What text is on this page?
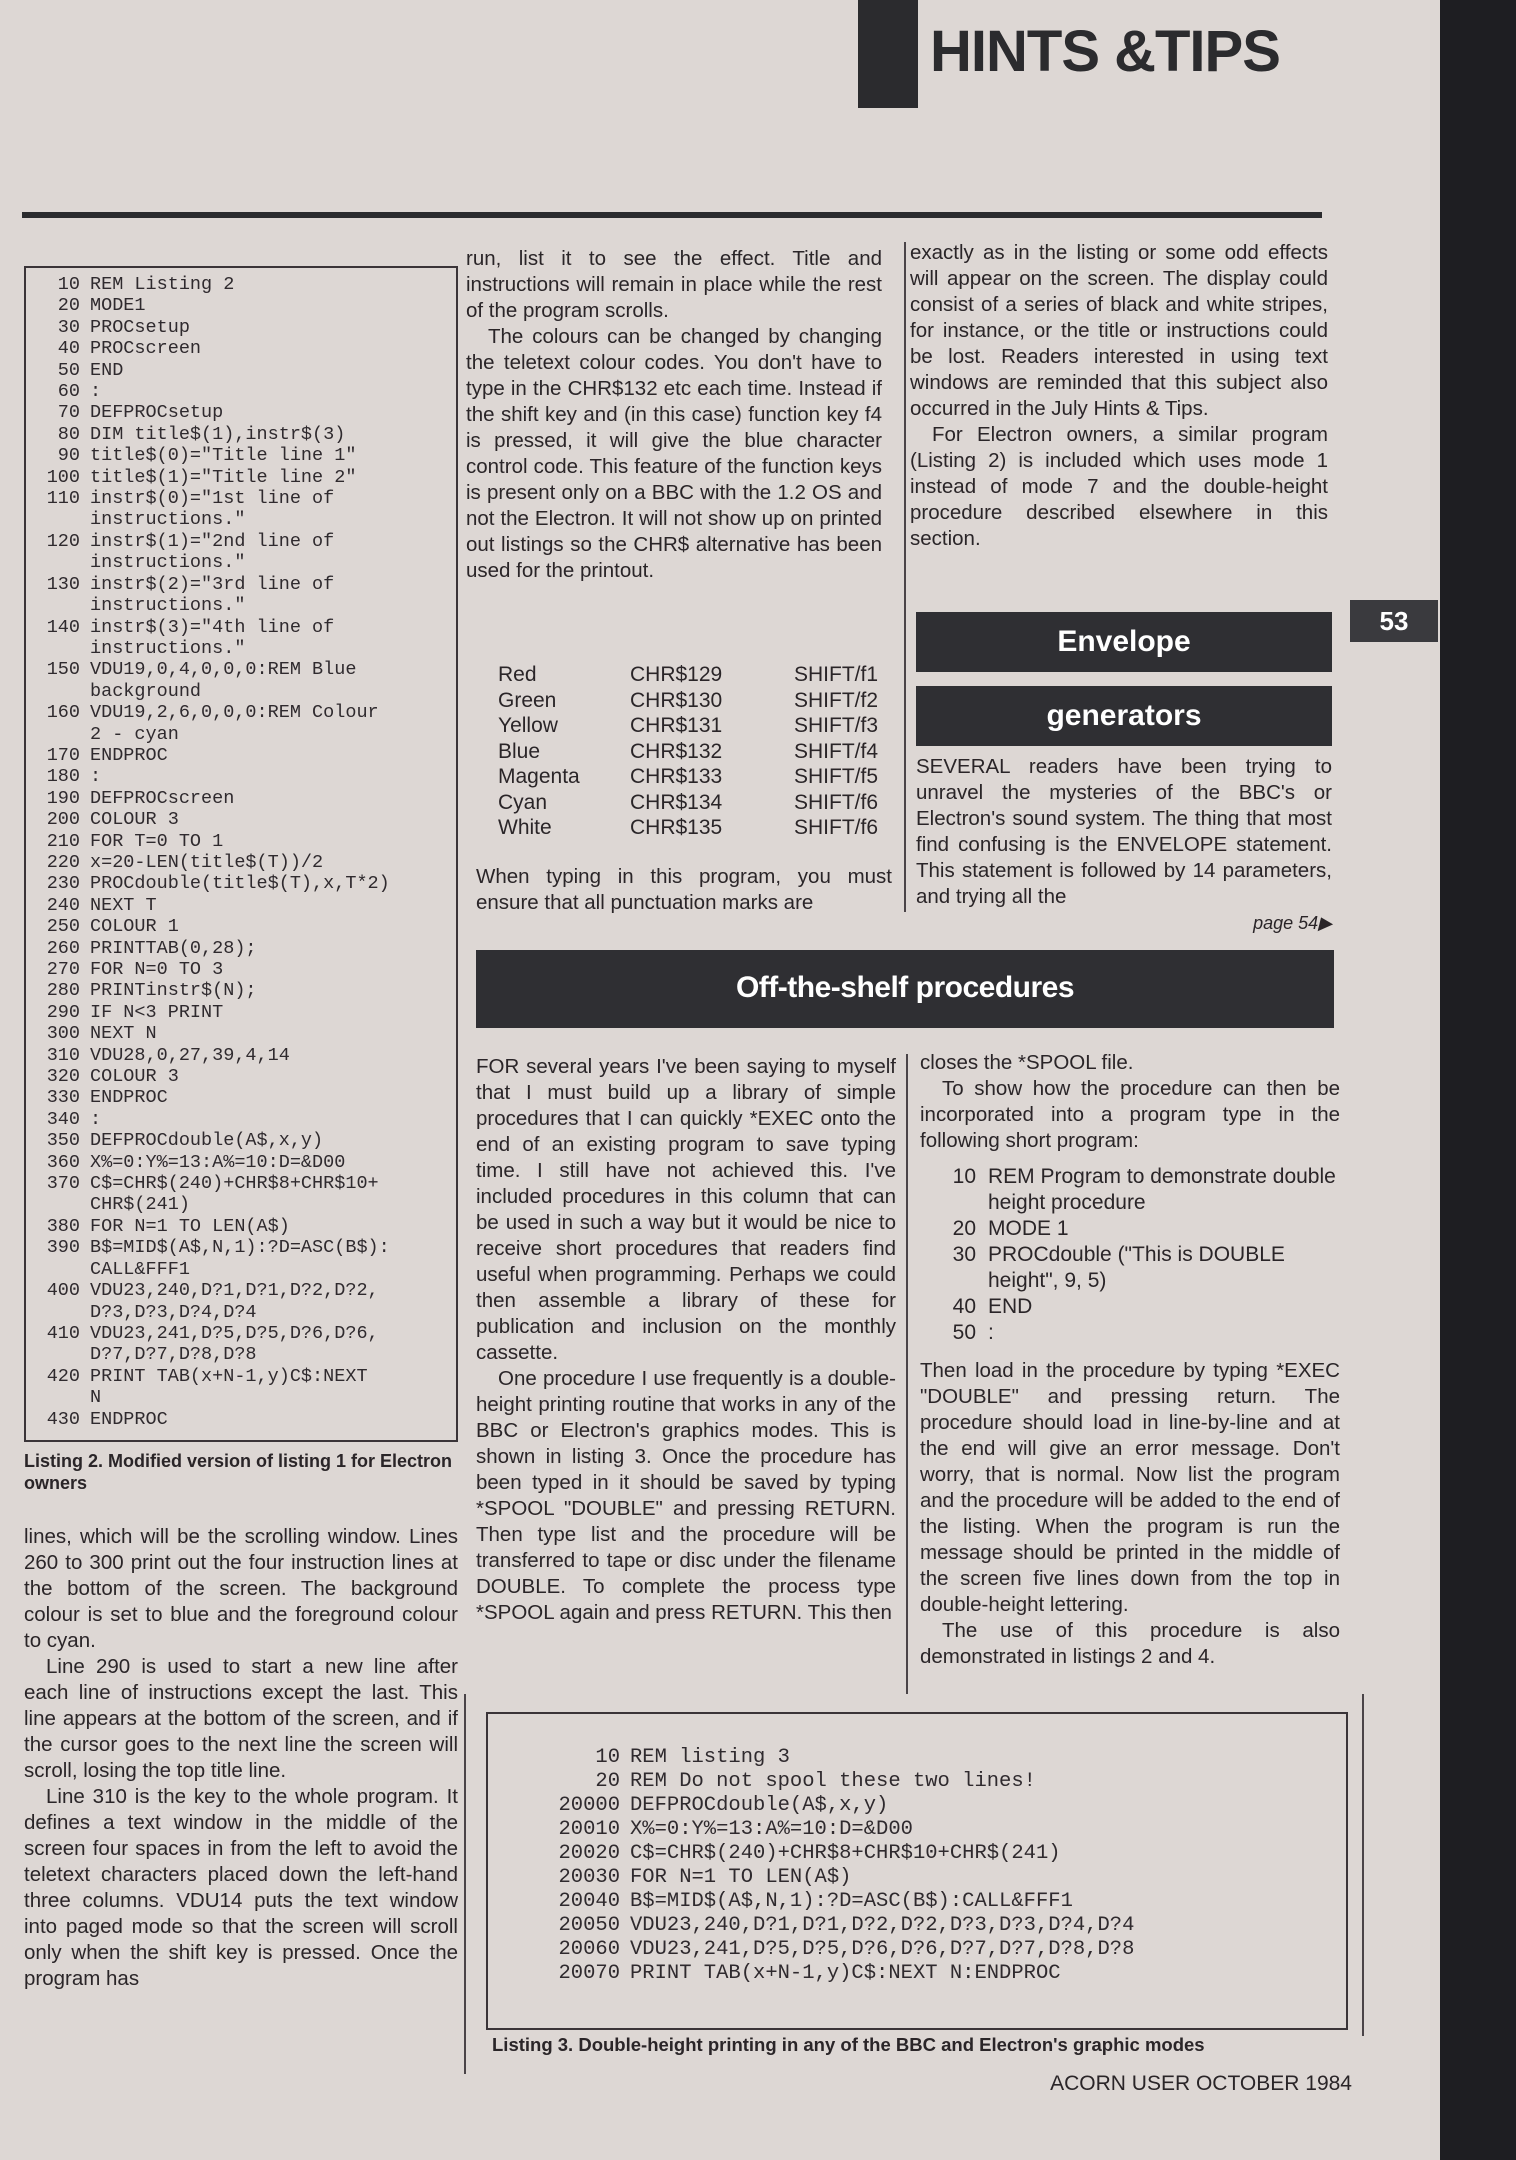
HINTS &TIPS
53
10 REM Listing 2
20 MODE1
30 PROCsetup
40 PROCscreen
50 END
60 :
70 DEFPROCsetup
80 DIM title$(1),instr$(3)
90 title$(0)="Title line 1"
100 title$(1)="Title line 2"
110 instr$(0)="1st line of
instructions."
120 instr$(1)="2nd line of
instructions."
130 instr$(2)="3rd line of
instructions."
140 instr$(3)="4th line of
instructions."
150 VDU19,0,4,0,0,0:REM Blue
background
160 VDU19,2,6,0,0,0:REM Colour
2 - cyan
170 ENDPROC
180 :
190 DEFPROCscreen
200 COLOUR 3
210 FOR T=0 TO 1
220 x=20-LEN(title$(T))/2
230 PROCdouble(title$(T),x,T*2)
240 NEXT T
250 COLOUR 1
260 PRINTTAB(0,28);
270 FOR N=0 TO 3
280 PRINTinstr$(N);
290 IF N<3 PRINT
300 NEXT N
310 VDU28,0,27,39,4,14
320 COLOUR 3
330 ENDPROC
340 :
350 DEFPROCdouble(A$,x,y)
360 X%=0:Y%=13:A%=10:D=&D00
370 C$=CHR$(240)+CHR$8+CHR$10+
CHR$(241)
380 FOR N=1 TO LEN(A$)
390 B$=MID$(A$,N,1):?D=ASC(B$):
CALL&FFF1
400 VDU23,240,D?1,D?1,D?2,D?2,
D?3,D?3,D?4,D?4
410 VDU23,241,D?5,D?5,D?6,D?6,
D?7,D?7,D?8,D?8
420 PRINT TAB(x+N-1,y)C$:NEXT
N
430 ENDPROC
Listing 2. Modified version of listing 1 for Electron owners

lines, which will be the scrolling window. Lines 260 to 300 print out the four instruction lines at the bottom of the screen. The background colour is set to blue and the foreground colour to cyan.

Line 290 is used to start a new line after each line of instructions except the last. This line appears at the bottom of the screen, and if the cursor goes to the next line the screen will scroll, losing the top title line.

Line 310 is the key to the whole program. It defines a text window in the middle of the screen four spaces in from the left to avoid the teletext characters placed down the left-hand three columns. VDU14 puts the text window into paged mode so that the screen will scroll only when the shift key is pressed. Once the program has

run, list it to see the effect. Title and instructions will remain in place while the rest of the program scrolls.

The colours can be changed by changing the teletext colour codes. You don't have to type in the CHR$132 etc each time. Instead if the shift key and (in this case) function key f4 is pressed, it will give the blue character control code. This feature of the function keys is present only on a BBC with the 1.2 OS and not the Electron. It will not show up on printed out listings so the CHR$ alternative has been used for the printout.

Red	CHR$129	SHIFT/f1
Green	CHR$130	SHIFT/f2
Yellow	CHR$131	SHIFT/f3
Blue	CHR$132	SHIFT/f4
Magenta	CHR$133	SHIFT/f5
Cyan	CHR$134	SHIFT/f6
White	CHR$135	SHIFT/f6
When typing in this program, you must ensure that all punctuation marks are

exactly as in the listing or some odd effects will appear on the screen. The display could consist of a series of black and white stripes, for instance, or the title or instructions could be lost. Readers interested in using text windows are reminded that this subject also occurred in the July Hints & Tips.

For Electron owners, a similar program (Listing 2) is included which uses mode 1 instead of mode 7 and the double-height procedure described elsewhere in this section.

Envelope
generators

SEVERAL readers have been trying to unravel the mysteries of the BBC's or Electron's sound system. The thing that most find confusing is the ENVELOPE statement. This statement is followed by 14 parameters, and trying all the

page 54▶
Off-the-shelf procedures

FOR several years I've been saying to myself that I must build up a library of simple procedures that I can quickly *EXEC onto the end of an existing program to save typing time. I still have not achieved this. I've included procedures in this column that can be used in such a way but it would be nice to receive short procedures that readers find useful when programming. Perhaps we could then assemble a library of these for publication and inclusion on the monthly cassette.

One procedure I use frequently is a double-height printing routine that works in any of the BBC or Electron's graphics modes. This is shown in listing 3. Once the procedure has been typed in it should be saved by typing *SPOOL "DOUBLE" and pressing RETURN. Then type list and the procedure will be transferred to tape or disc under the filename DOUBLE. To complete the process type *SPOOL again and press RETURN. This then

closes the *SPOOL file.

To show how the procedure can then be incorporated into a program type in the following short program:

10 REM Program to demonstrate double height procedure
20 MODE 1
30 PROCdouble ("This is DOUBLE height", 9, 5)
40 END
50 :

Then load in the procedure by typing *EXEC "DOUBLE" and pressing return. The procedure should load in line-by-line and at the end will give an error message. Don't worry, that is normal. Now list the program and the procedure will be added to the end of the listing. When the program is run the message should be printed in the middle of the screen five lines down from the top in double-height lettering.

The use of this procedure is also demonstrated in listings 2 and 4.

10 REM listing 3
20 REM Do not spool these two lines!
20000 DEFPROCdouble(A$,x,y)
20010 X%=0:Y%=13:A%=10:D=&D00
20020 C$=CHR$(240)+CHR$8+CHR$10+CHR$(241)
20030 FOR N=1 TO LEN(A$)
20040 B$=MID$(A$,N,1):?D=ASC(B$):CALL&FFF1
20050 VDU23,240,D?1,D?1,D?2,D?2,D?3,D?3,D?4,D?4
20060 VDU23,241,D?5,D?5,D?6,D?6,D?7,D?7,D?8,D?8
20070 PRINT TAB(x+N-1,y)C$:NEXT N:ENDPROC
Listing 3. Double-height printing in any of the BBC and Electron's graphic modes
ACORN USER OCTOBER 1984
